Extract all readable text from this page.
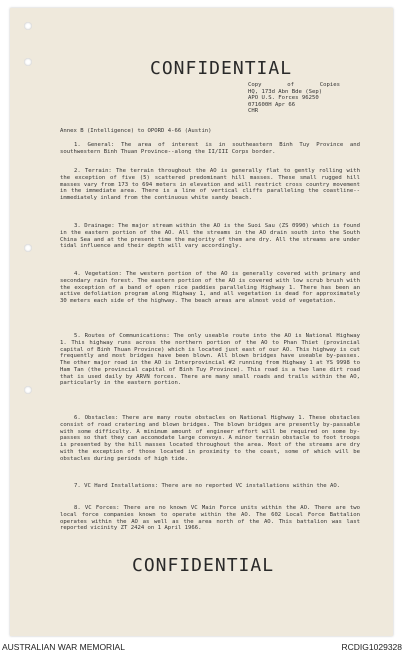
CONFIDENTIAL
Copy	of	Copies
HQ, 173d Abn Bde (Sep)
APO U.S. Forces 96250
071600H Apr 66
CHR
Annex B (Intelligence) to OPORD 4-66 (Austin)

1. General: The area of interest is in southeastern Binh Tuy Province and southwestern Binh Thuan Province--along the II/III Corps border.

2. Terrain: The terrain throughout the AO is generally flat to gently rolling with the exception of five (5) scattered predominant hill masses. These small rugged hill masses vary from 173 to 694 meters in elevation and will restrict cross country movement in the immediate area. There is a line of vertical cliffs paralleling the coastline--immediately inland from the continuous white sandy beach.

3. Drainage: The major stream within the AO is the Suoi Sau (ZS 0990) which is found in the eastern portion of the AO. All the streams in the AO drain south into the South China Sea and at the present time the majority of them are dry. All the streams are under tidal influence and their depth will vary accordingly.

4. Vegetation: The western portion of the AO is generally covered with primary and secondary rain forest. The eastern portion of the AO is covered with low scrub brush with the exception of a band of open rice paddies paralleling Highway 1. There has been an active defoliation program along Highway 1, and all vegetation is dead for approximately 30 meters each side of the highway. The beach areas are almost void of vegetation.

5. Routes of Communications: The only useable route into the AO is National Highway 1. This highway runs across the northern portion of the AO to Phan Thiet (provincial capital of Binh Thuan Province) which is located just east of our AO. This highway is cut frequently and most bridges have been blown. All blown bridges have useable by-passes. The other major road in the AO is Interprovincial #2 running from Highway 1 at YS 9998 to Ham Tan (the provincial capital of Binh Tuy Province). This road is a two lane dirt road that is used daily by ARVN forces. There are many small roads and trails within the AO, particularly in the eastern portion.

6. Obstacles: There are many route obstacles on National Highway 1. These obstacles consist of road cratering and blown bridges. The blown bridges are presently by-passable with some difficulty. A minimum amount of engineer effort will be required on some by-passes so that they can accomodate large convoys. A minor terrain obstacle to foot troops is presented by the hill masses located throughout the area. Most of the streams are dry with the exception of those located in proximity to the coast, some of which will be obstacles during periods of high tide.

7. VC Hard Installations: There are no reported VC installations within the AO.

8. VC Forces: There are no known VC Main Force units within the AO. There are two local force companies known to operate within the AO. The 602 Local Force Battalion operates within the AO as well as the area north of the AO. This battalion was last reported vicinity ZT 2424 on 1 April 1966.

CONFIDENTIAL
AUSTRALIAN WAR MEMORIAL	RCDIG1029328
